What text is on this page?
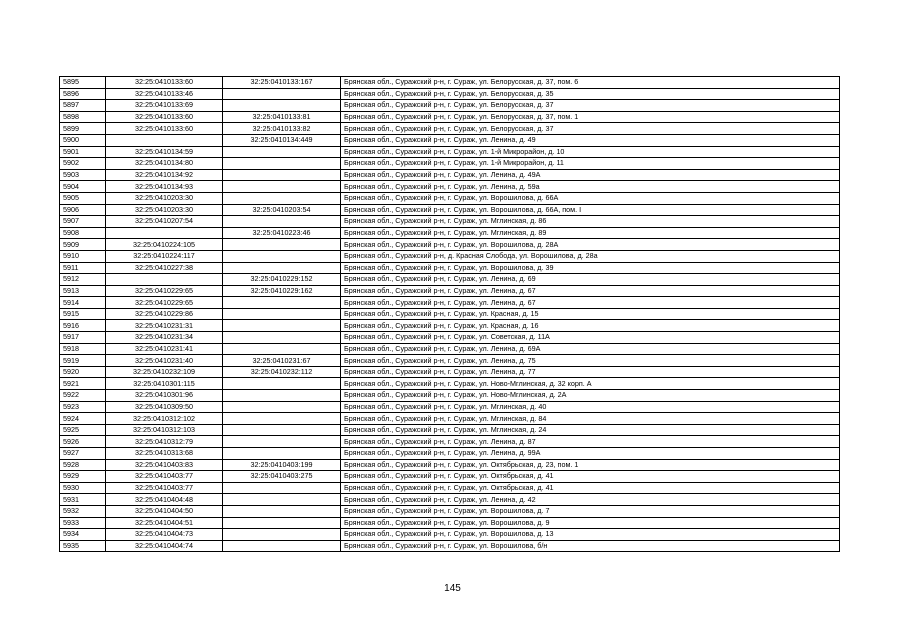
5895	32:25:0410133:60	32:25:0410133:167	Брянская обл., Суражский р-н, г. Сураж, ул. Белорусская, д. 37, пом. 6
5896	32:25:0410133:46		Брянская обл., Суражский р-н, г. Сураж, ул. Белорусская, д. 35
5897	32:25:0410133:69		Брянская обл., Суражский р-н, г. Сураж, ул. Белорусская, д. 37
5898	32:25:0410133:60	32:25:0410133:81	Брянская обл., Суражский р-н, г. Сураж, ул. Белорусская, д. 37, пом. 1
5899	32:25:0410133:60	32:25:0410133:82	Брянская обл., Суражский р-н, г. Сураж, ул. Белорусская, д. 37
5900		32:25:0410134:449	Брянская обл., Суражский р-н, г. Сураж, ул. Ленина, д. 49
5901	32:25:0410134:59		Брянская обл., Суражский р-н, г. Сураж, ул. 1-й Микрорайон, д. 10
5902	32:25:0410134:80		Брянская обл., Суражский р-н, г. Сураж, ул. 1-й Микрорайон, д. 11
5903	32:25:0410134:92		Брянская обл., Суражский р-н, г. Сураж, ул. Ленина, д. 49А
5904	32:25:0410134:93		Брянская обл., Суражский р-н, г. Сураж, ул. Ленина, д. 59а
5905	32:25:0410203:30		Брянская обл., Суражский р-н, г. Сураж, ул. Ворошилова, д. 66А
5906	32:25:0410203:30	32:25:0410203:54	Брянская обл., Суражский р-н, г. Сураж, ул. Ворошилова, д. 66А, пом. I
5907	32:25:0410207:54		Брянская обл., Суражский р-н, г. Сураж, ул. Мглинская, д. 86
5908		32:25:0410223:46	Брянская обл., Суражский р-н, г. Сураж, ул. Мглинская, д. 89
5909	32:25:0410224:105		Брянская обл., Суражский р-н, г. Сураж, ул. Ворошилова, д. 28А
5910	32:25:0410224:117		Брянская обл., Суражский р-н, д. Красная Слобода, ул. Ворошилова, д. 28а
5911	32:25:0410227:38		Брянская обл., Суражский р-н, г. Сураж, ул. Ворошилова, д. 39
5912		32:25:0410229:152	Брянская обл., Суражский р-н, г. Сураж, ул. Ленина, д. 69
5913	32:25:0410229:65	32:25:0410229:162	Брянская обл., Суражский р-н, г. Сураж, ул. Ленина, д. 67
5914	32:25:0410229:65		Брянская обл., Суражский р-н, г. Сураж, ул. Ленина, д. 67
5915	32:25:0410229:86		Брянская обл., Суражский р-н, г. Сураж, ул. Красная, д. 15
5916	32:25:0410231:31		Брянская обл., Суражский р-н, г. Сураж, ул. Красная, д. 16
5917	32:25:0410231:34		Брянская обл., Суражский р-н, г. Сураж, ул. Советская, д. 11А
5918	32:25:0410231:41		Брянская обл., Суражский р-н, г. Сураж, ул. Ленина, д. 69А
5919	32:25:0410231:40	32:25:0410231:67	Брянская обл., Суражский р-н, г. Сураж, ул. Ленина, д. 75
5920	32:25:0410232:109	32:25:0410232:112	Брянская обл., Суражский р-н, г. Сураж, ул. Ленина, д. 77
5921	32:25:0410301:115		Брянская обл., Суражский р-н, г. Сураж, ул. Ново-Мглинская, д. 32 корп. А
5922	32:25:0410301:96		Брянская обл., Суражский р-н, г. Сураж, ул. Ново-Мглинская, д. 2А
5923	32:25:0410309:50		Брянская обл., Суражский р-н, г. Сураж, ул. Мглинская, д. 40
5924	32:25:0410312:102		Брянская обл., Суражский р-н, г. Сураж, ул. Мглинская, д. 84
5925	32:25:0410312:103		Брянская обл., Суражский р-н, г. Сураж, ул. Мглинская, д. 24
5926	32:25:0410312:79		Брянская обл., Суражский р-н, г. Сураж, ул. Ленина, д. 87
5927	32:25:0410313:68		Брянская обл., Суражский р-н, г. Сураж, ул. Ленина, д. 99А
5928	32:25:0410403:83	32:25:0410403:199	Брянская обл., Суражский р-н, г. Сураж, ул. Октябрьская, д. 23, пом. 1
5929	32:25:0410403:77	32:25:0410403:275	Брянская обл., Суражский р-н, г. Сураж, ул. Октябрьская, д. 41
5930	32:25:0410403:77		Брянская обл., Суражский р-н, г. Сураж, ул. Октябрьская, д. 41
5931	32:25:0410404:48		Брянская обл., Суражский р-н, г. Сураж, ул. Ленина, д. 42
5932	32:25:0410404:50		Брянская обл., Суражский р-н, г. Сураж, ул. Ворошилова, д. 7
5933	32:25:0410404:51		Брянская обл., Суражский р-н, г. Сураж, ул. Ворошилова, д. 9
5934	32:25:0410404:73		Брянская обл., Суражский р-н, г. Сураж, ул. Ворошилова, д. 13
5935	32:25:0410404:74		Брянская обл., Суражский р-н, г. Сураж, ул. Ворошилова, б/н
145
